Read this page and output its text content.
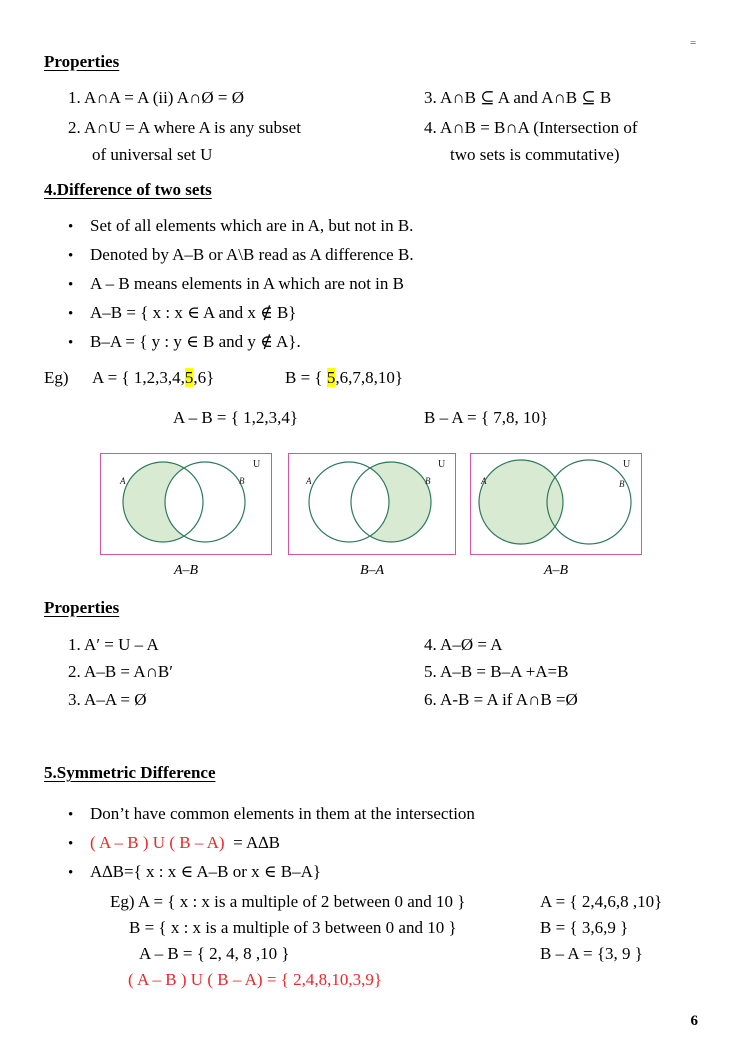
=
Properties
1. A∩A = A (ii) A∩Ø = Ø
2. A∩U = A where A is any subset
of universal set U
3. A∩B ⊆ A and A∩B ⊆ B
4. A∩B = B∩A (Intersection of
two sets is commutative)
4.Difference of two sets
• Set of all elements which are in A, but not in B.
• Denoted by A–B or A\B read as A difference B.
• A – B means elements in A which are not in B
• A–B = { x : x ∈ A and x ∉ B}
• B–A = { y : y ∈ B and y ∉ A}.
Eg) A = { 1,2,3,4,5,6}	B = { 5,6,7,8,10}
A – B = { 1,2,3,4}	B – A = { 7,8, 10}
A	B
U
A–B
A	B
U
B–A
A	B
U
A–B
Properties
1. A′ = U – A
2. A–B = A∩B′
3. A–A = Ø
4. A–Ø = A
5. A–B = B–A +A=B
6. A-B = A if A∩B =Ø
5.Symmetric Difference
• Don’t have common elements in them at the intersection
• ( A – B ) U ( B – A) = A∆B
• A∆B={ x : x ∈ A–B or x ∈ B–A}
Eg) A = { x : x is a multiple of 2 between 0 and 10 }	A = { 2,4,6,8 ,10}
B = { x : x is a multiple of 3 between 0 and 10 }	B = { 3,6,9 }
A – B = { 2, 4, 8 ,10 }	B – A = {3, 9 }
( A – B ) U ( B – A) = { 2,4,8,10,3,9}
6
